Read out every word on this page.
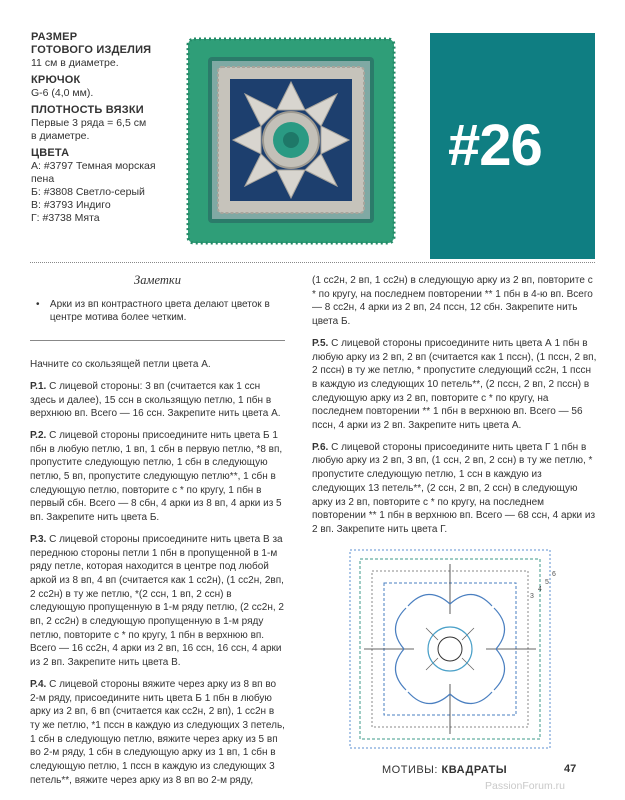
РАЗМЕР
ГОТОВОГО ИЗДЕЛИЯ
11 см в диаметре.
КРЮЧОК
G-6 (4,0 мм).
ПЛОТНОСТЬ ВЯЗКИ
Первые 3 ряда = 6,5 см
в диаметре.
ЦВЕТА
А: #3797 Темная морская
пена
Б: #3808 Светло-серый
В: #3793 Индиго
Г: #3738 Мята
#26
Заметки
• Арки из вп контрастного цвета делают цветок в центре мотива более четким.
Начните со скользящей петли цвета А.
Р.1. С лицевой стороны: 3 вп (считается как 1 ссн здесь и далее), 15 ссн в скользящую петлю, 1 пбн в верхнюю вп. Всего — 16 ссн. Закрепите нить цвета А.
Р.2. С лицевой стороны присоедините нить цвета Б 1 пбн в любую петлю, 1 вп, 1 сбн в первую петлю, *8 вп, пропустите следующую петлю, 1 сбн в следующую петлю, 5 вп, пропустите следующую петлю**, 1 сбн в следующую петлю, повторите с * по кругу, 1 пбн в первый сбн. Всего — 8 сбн, 4 арки из 8 вп, 4 арки из 5 вп. Закрепите нить цвета Б.
Р.3. С лицевой стороны присоедините нить цвета В за переднюю стороны петли 1 пбн в пропущенной в 1-м ряду петле, которая находится в центре под любой аркой из 8 вп, 4 вп (считается как 1 сс2н), (1 сс2н, 2вп, 2 сс2н) в ту же петлю, *(2 ссн, 1 вп, 2 ссн) в следующую пропущенную в 1-м ряду петлю, (2 сс2н, 2 вп, 2 сс2н) в следующую пропущенную в 1-м ряду петлю, повторите с * по кругу, 1 пбн в верхнюю вп. Всего — 16 сс2н, 4 арки из 2 вп, 16 ссн, 16 ссн, 4 арки из 2 вп. Закрепите нить цвета В.
Р.4. С лицевой стороны вяжите через арку из 8 вп во 2-м ряду, присоедините нить цвета Б 1 пбн в любую арку из 2 вп, 6 вп (считается как сс2н, 2 вп), 1 сс2н в ту же петлю, *1 пссн в каждую из следующих 3 петель, 1 сбн в следующую петлю, вяжите через арку из 5 вп во 2-м ряду, 1 сбн в следующую арку из 1 вп, 1 сбн в следующую петлю, 1 пссн в каждую из следующих 3 петель**, вяжите через арку из 8 вп во 2-м ряду,
(1 сс2н, 2 вп, 1 сс2н) в следующую арку из 2 вп, повторите с * по кругу, на последнем повторении ** 1 пбн в 4-ю вп. Всего — 8 сс2н, 4 арки из 2 вп, 24 пссн, 12 сбн. Закрепите нить цвета Б.
Р.5. С лицевой стороны присоедините нить цвета А 1 пбн в любую арку из 2 вп, 2 вп (считается как 1 пссн), (1 пссн, 2 вп, 2 пссн) в ту же петлю, * пропустите следующий сс2н, 1 пссн в каждую из следующих 10 петель**, (2 пссн, 2 вп, 2 пссн) в следующую арку из 2 вп, повторите с * по кругу, на последнем повторении ** 1 пбн в верхнюю вп. Всего — 56 пссн, 4 арки из 2 вп. Закрепите нить цвета А.
Р.6. С лицевой стороны присоедините нить цвета Г 1 пбн в любую арку из 2 вп, 3 вп, (1 ссн, 2 вп, 2 ссн) в ту же петлю, * пропустите следующую петлю, 1 ссн в каждую из следующих 13 петель**, (2 ссн, 2 вп, 2 ссн) в следующую арку из 2 вп, повторите с * по кругу, на последнем повторении ** 1 пбн в верхнюю вп. Всего — 68 ссн, 4 арки из 2 вп. Закрепите нить цвета Г.
6
5
4
3
МОТИВЫ: КВАДРАТЫ	47
PassionForum.ru
